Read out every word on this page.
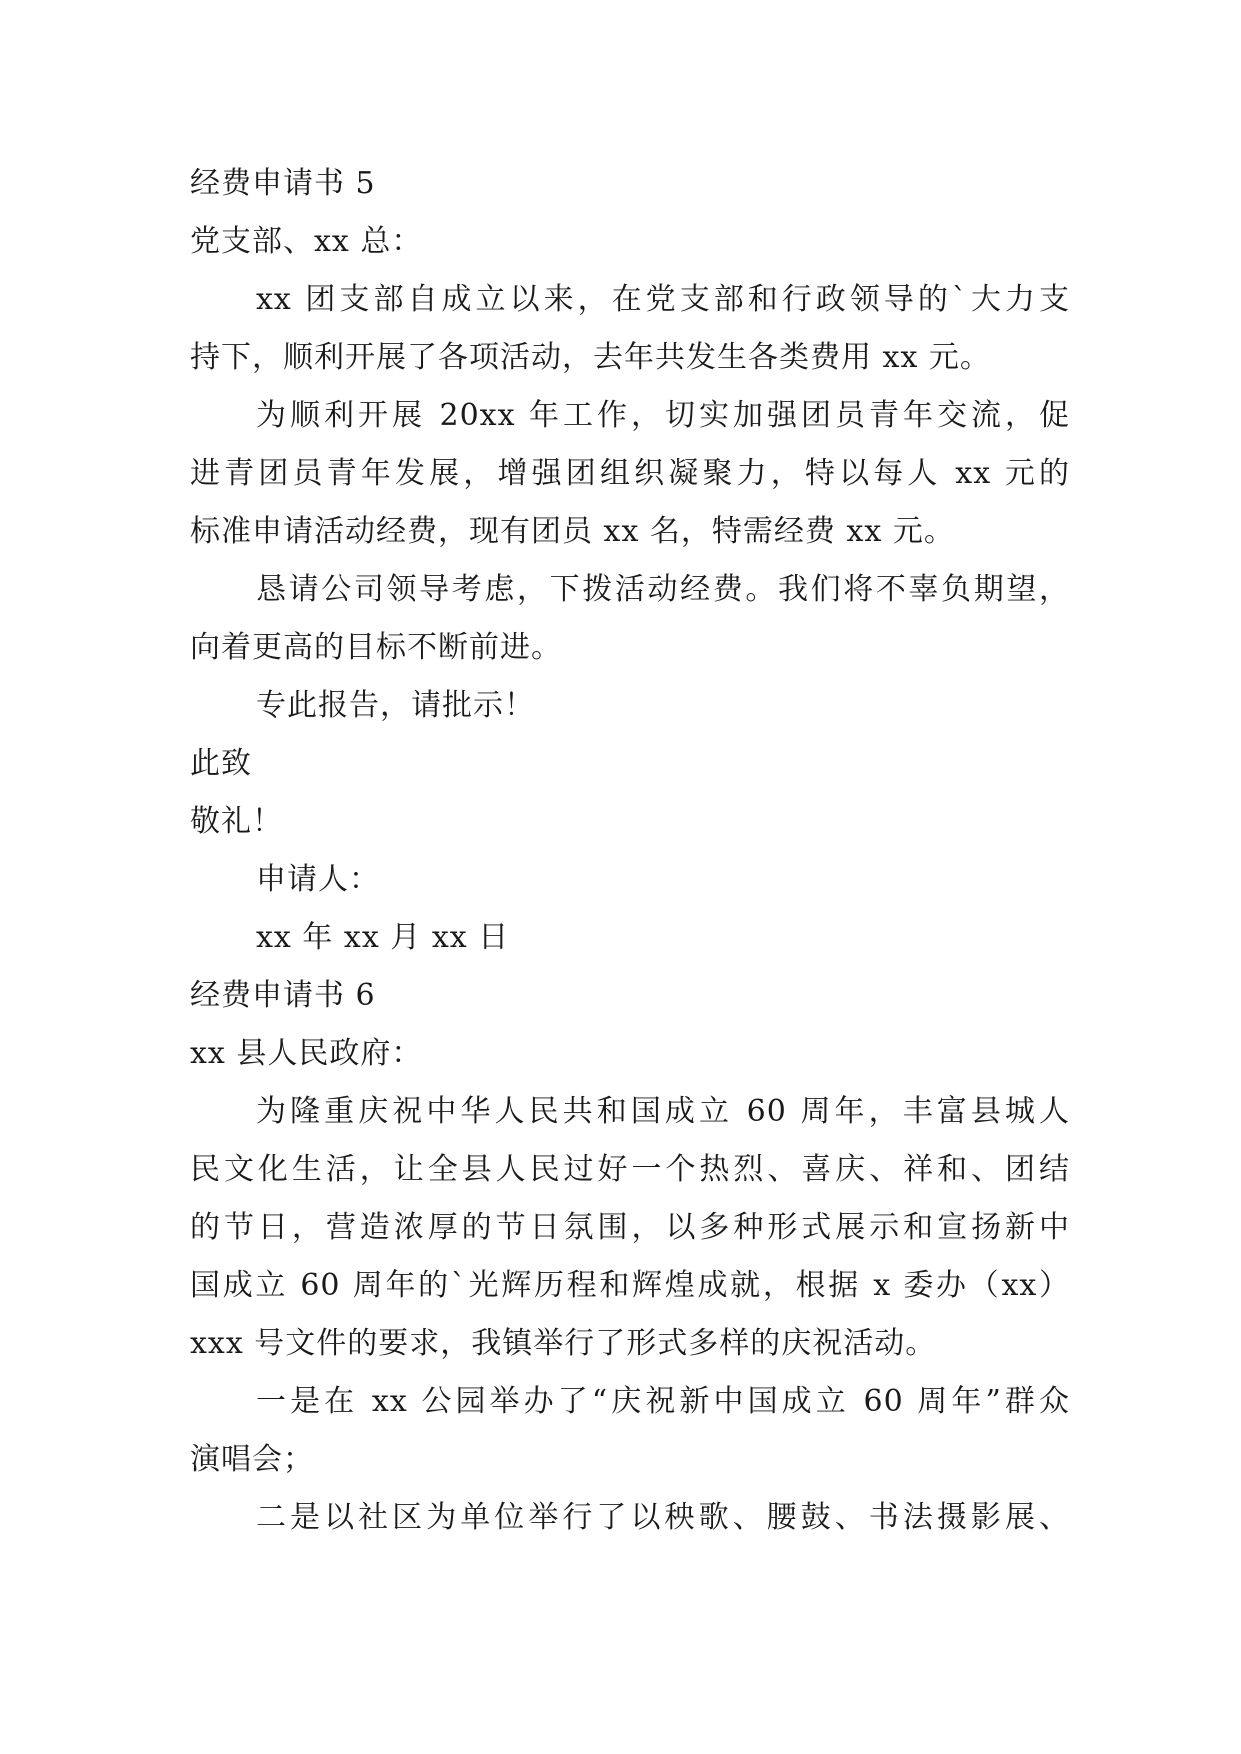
经费申请书 5
党支部、xx 总：
xx 团支部自成立以来，在党支部和行政领导的`大力支
持下，顺利开展了各项活动，去年共发生各类费用 xx 元。
为顺利开展 20xx 年工作，切实加强团员青年交流，促
进青团员青年发展，增强团组织凝聚力，特以每人 xx 元的
标准申请活动经费，现有团员 xx 名，特需经费 xx 元。
恳请公司领导考虑，下拨活动经费。我们将不辜负期望，
向着更高的目标不断前进。
专此报告，请批示！
此致
敬礼！
申请人：
xx 年 xx 月 xx 日
经费申请书 6
xx 县人民政府：
为隆重庆祝中华人民共和国成立 60 周年，丰富县城人
民文化生活，让全县人民过好一个热烈、喜庆、祥和、团结
的节日，营造浓厚的节日氛围，以多种形式展示和宣扬新中
国成立 60 周年的`光辉历程和辉煌成就，根据 x 委办（xx）
xxx 号文件的要求，我镇举行了形式多样的庆祝活动。
一是在 xx 公园举办了“庆祝新中国成立 60 周年”群众
演唱会；
二是以社区为单位举行了以秧歌、腰鼓、书法摄影展、
